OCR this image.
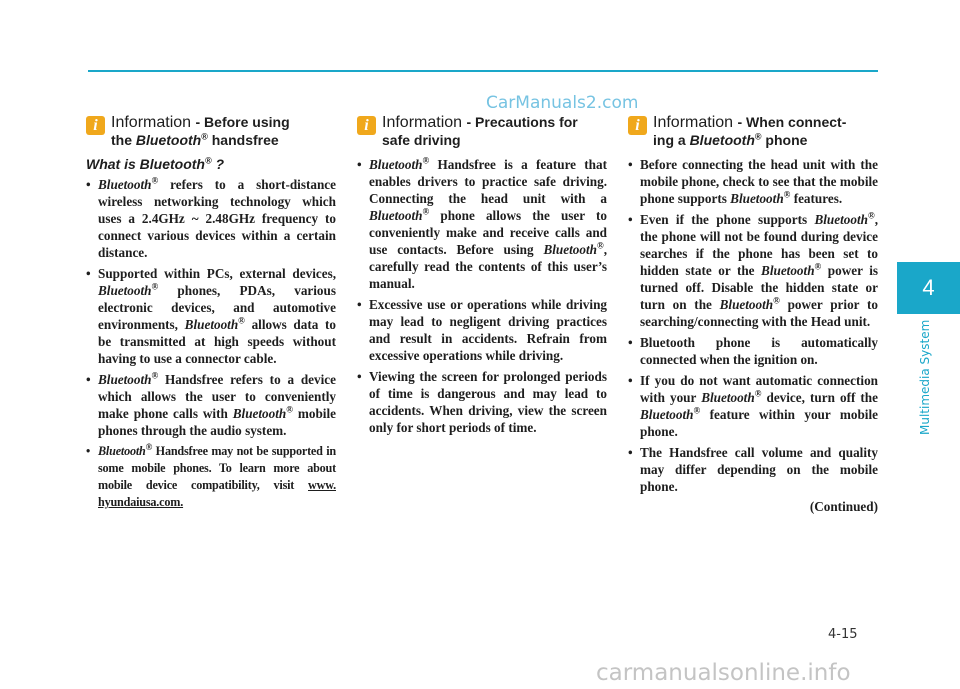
CarManuals2.com
i Information - Before using
the Bluetooth® handsfree

What is Bluetooth® ?

• Bluetooth® refers to a short-distance wireless networking technology which uses a 2.4GHz ~ 2.48GHz frequency to connect various devices within a certain distance.
• Supported within PCs, external devices, Bluetooth® phones, PDAs, various electronic devices, and automotive environments, Bluetooth® allows data to be transmitted at high speeds without having to use a connector cable.
• Bluetooth® Handsfree refers to a device which allows the user to conveniently make phone calls with Bluetooth® mobile phones through the audio system.
• Bluetooth® Handsfree may not be supported in some mobile phones. To learn more about mobile device compatibility, visit www. hyundaiusa.com.
i Information - Precautions for
safe driving
• Bluetooth® Handsfree is a feature that enables drivers to practice safe driving. Connecting the head unit with a Bluetooth® phone allows the user to conveniently make and receive calls and use contacts. Before using Bluetooth®, carefully read the contents of this user’s manual.
• Excessive use or operations while driving may lead to negligent driving practices and result in accidents. Refrain from excessive operations while driving.
• Viewing the screen for prolonged periods of time is dangerous and may lead to accidents. When driving, view the screen only for short periods of time.
i Information - When connect-
ing a Bluetooth® phone
• Before connecting the head unit with the mobile phone, check to see that the mobile phone supports Bluetooth® features.
• Even if the phone supports Bluetooth®, the phone will not be found during device searches if the phone has been set to hidden state or the Bluetooth® power is turned off. Disable the hidden state or turn on the Bluetooth® power prior to searching/connecting with the Head unit.
• Bluetooth phone is automatically connected when the ignition on.
• If you do not want automatic connection with your Bluetooth® device, turn off the Bluetooth® feature within your mobile phone.
• The Handsfree call volume and quality may differ depending on the mobile phone.
(Continued)
4
Multimedia System
4-15
carmanualsonline.info
